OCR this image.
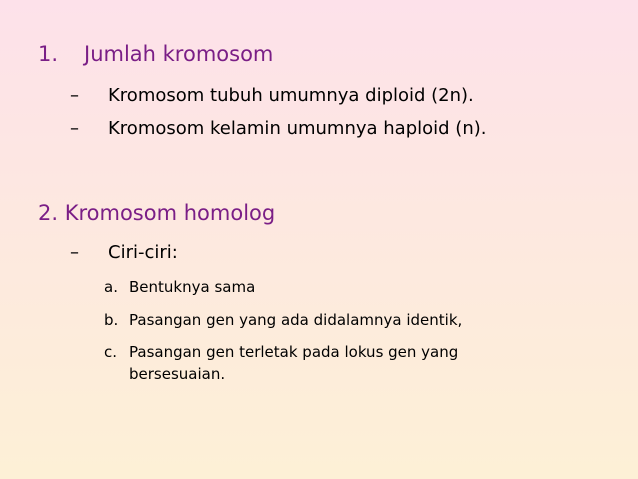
1. Jumlah kromosom
– Kromosom tubuh umumnya diploid (2n).
– Kromosom kelamin umumnya haploid (n).
2. Kromosom homolog
– Ciri-ciri:
a. Bentuknya sama
b. Pasangan gen yang ada didalamnya identik,
c. Pasangan gen terletak pada lokus gen yang bersesuaian.
